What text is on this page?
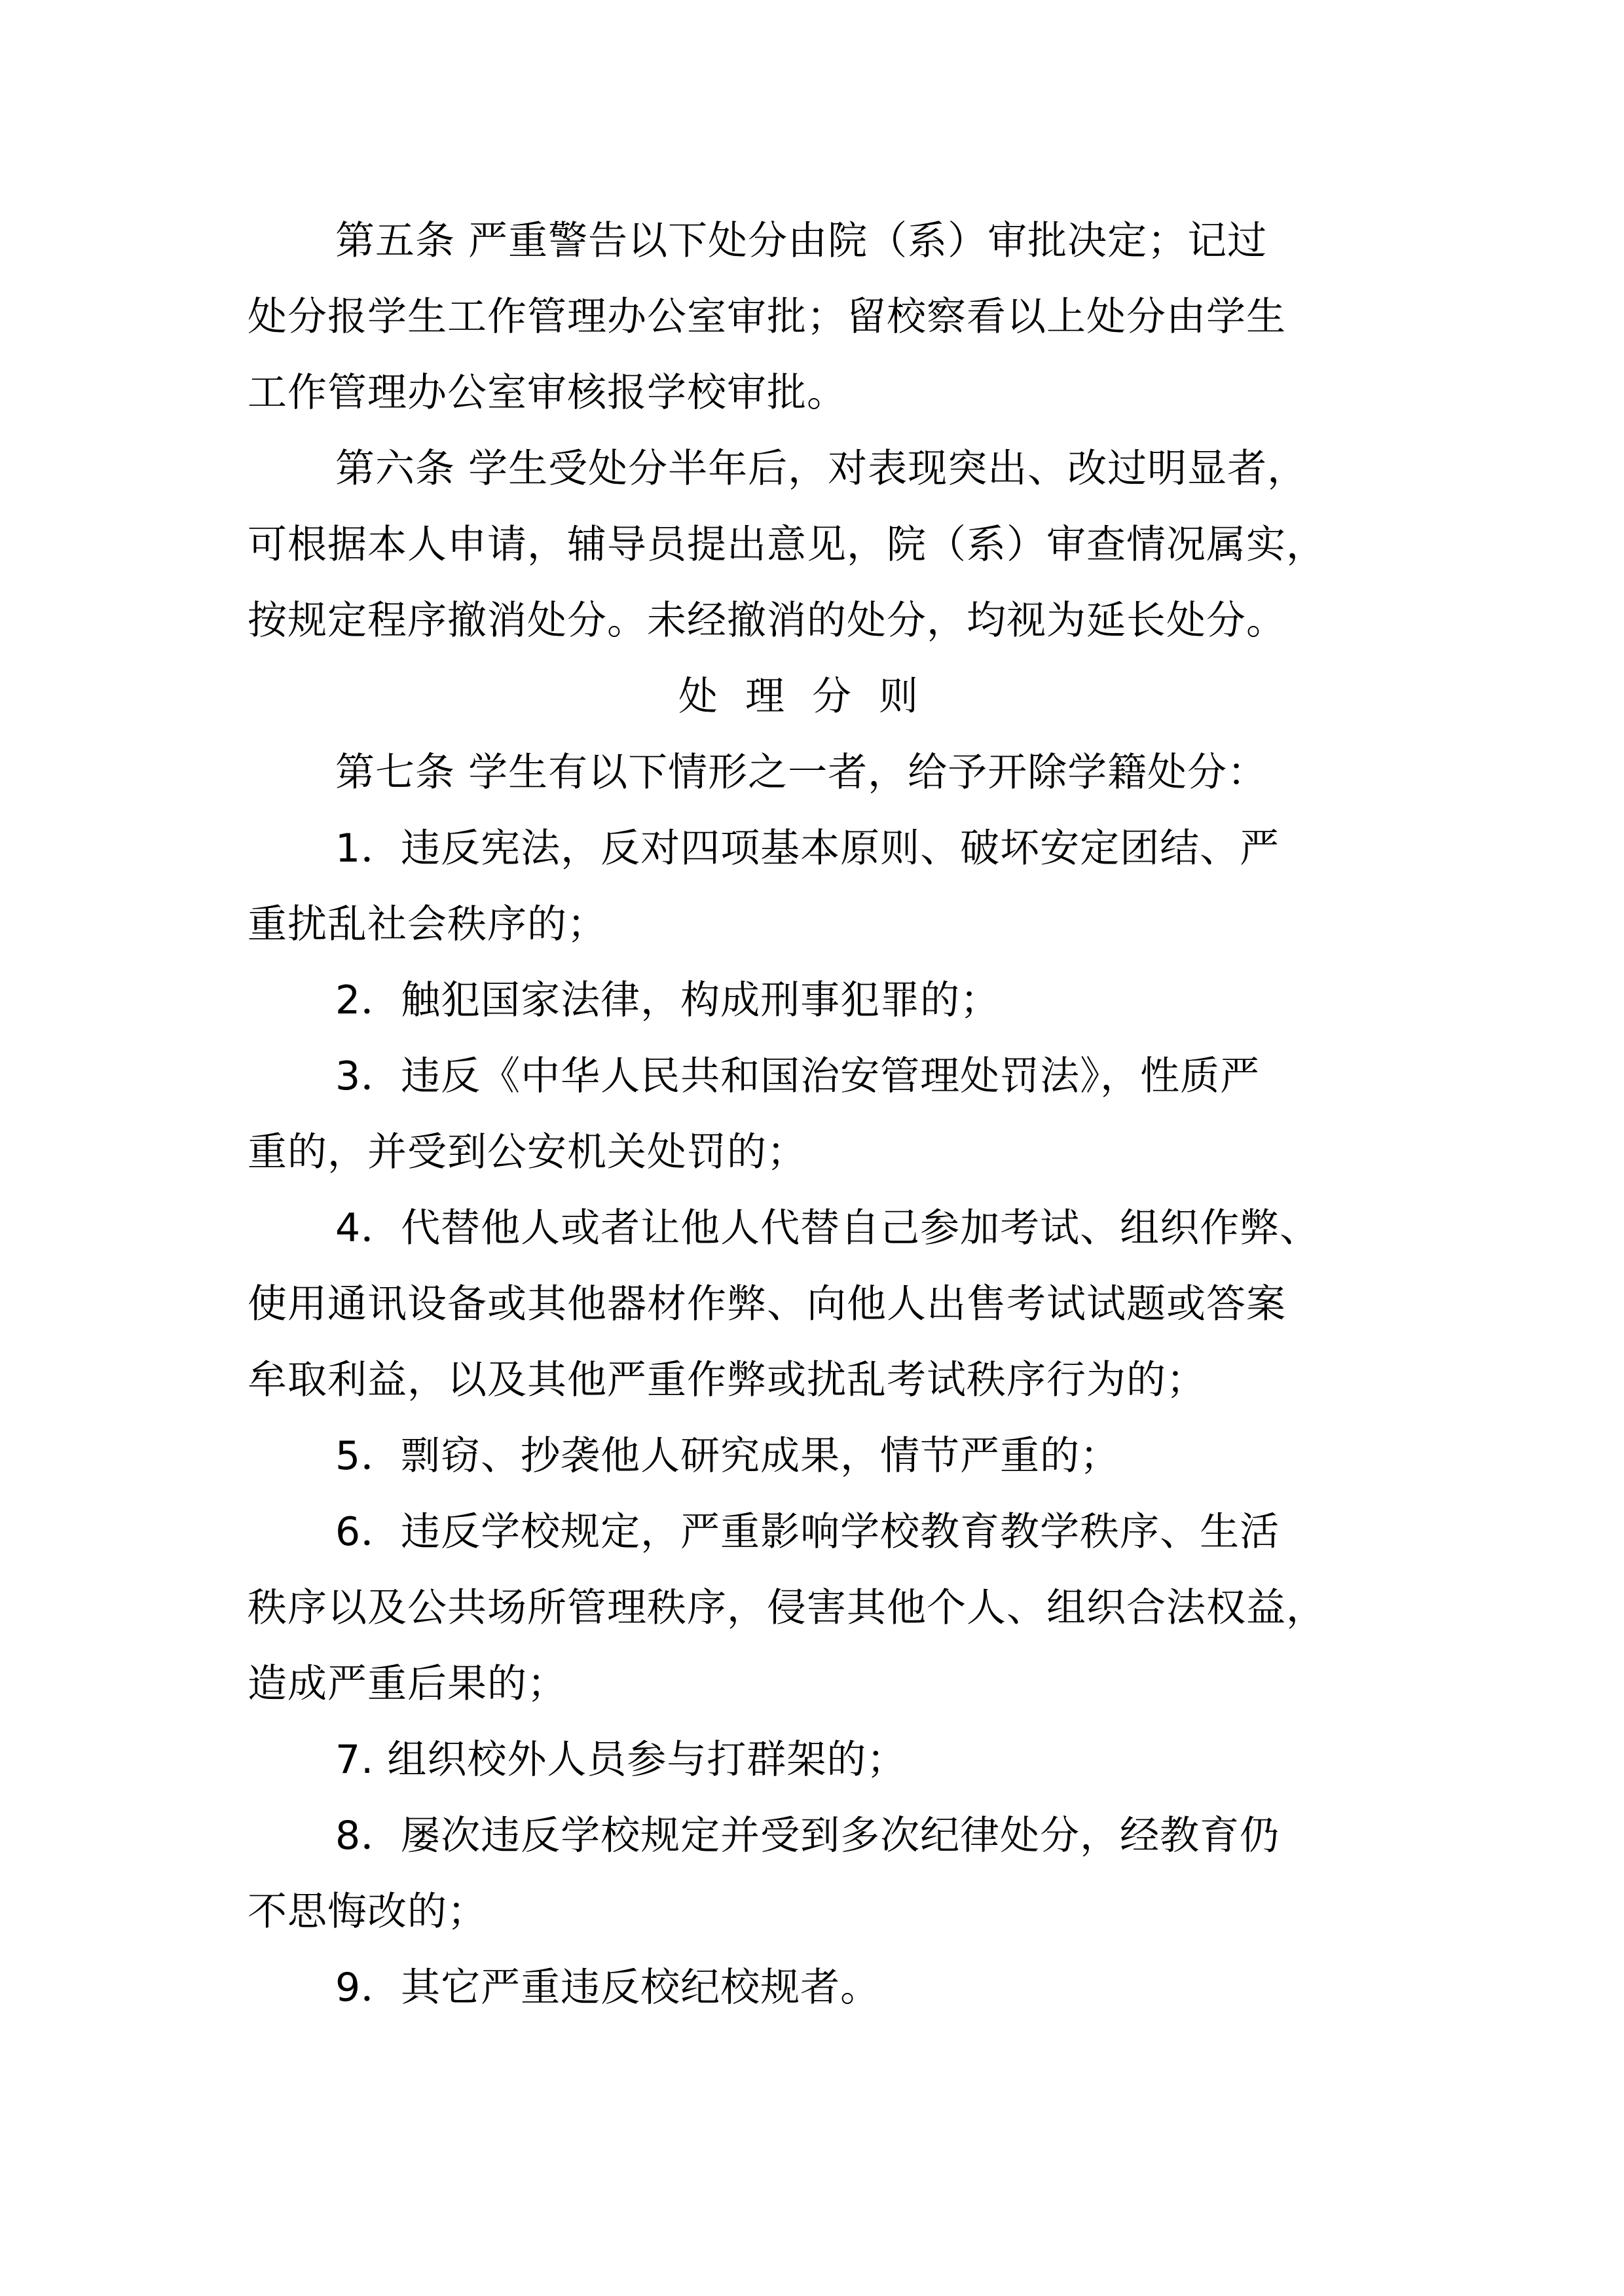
第五条 严重警告以下处分由院（系）审批决定；记过
处分报学生工作管理办公室审批；留校察看以上处分由学生
工作管理办公室审核报学校审批。
第六条 学生受处分半年后，对表现突出、改过明显者，
可根据本人申请，辅导员提出意见，院（系）审查情况属实，
按规定程序撤消处分。未经撤消的处分，均视为延长处分。
处理分则
第七条 学生有以下情形之一者，给予开除学籍处分：
1．违反宪法，反对四项基本原则、破坏安定团结、严
重扰乱社会秩序的；
2．触犯国家法律，构成刑事犯罪的；
3．违反《中华人民共和国治安管理处罚法》，性质严
重的，并受到公安机关处罚的；
4．代替他人或者让他人代替自己参加考试、组织作弊、
使用通讯设备或其他器材作弊、向他人出售考试试题或答案
牟取利益，以及其他严重作弊或扰乱考试秩序行为的；
5．剽窃、抄袭他人研究成果，情节严重的；
6．违反学校规定，严重影响学校教育教学秩序、生活
秩序以及公共场所管理秩序，侵害其他个人、组织合法权益，
造成严重后果的；
7. 组织校外人员参与打群架的；
8．屡次违反学校规定并受到多次纪律处分，经教育仍
不思悔改的；
9．其它严重违反校纪校规者。
